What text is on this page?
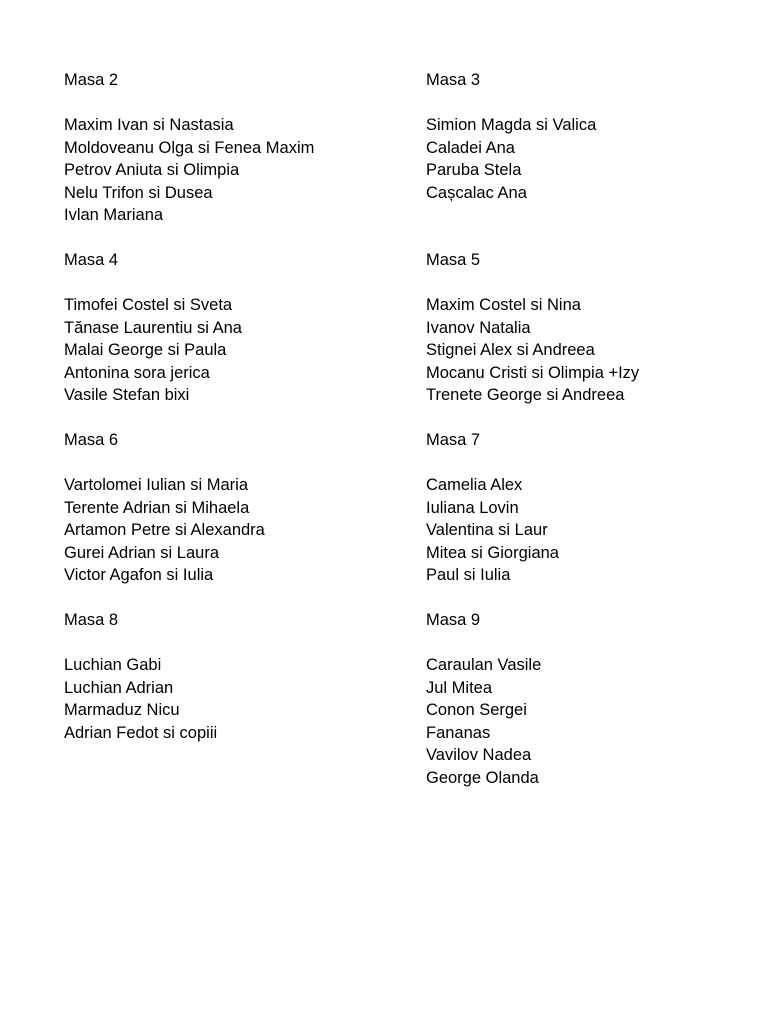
Masa 2
Maxim Ivan si Nastasia
Moldoveanu Olga si Fenea Maxim
Petrov Aniuta si Olimpia
Nelu Trifon si Dusea
Ivlan Mariana
Masa 4
Timofei Costel si Sveta
Tănase Laurentiu si Ana
Malai George si Paula
Antonina sora jerica
Vasile Stefan bixi
Masa 6
Vartolomei Iulian si Maria
Terente Adrian si Mihaela
Artamon Petre si Alexandra
Gurei Adrian si Laura
Victor Agafon si Iulia
Masa 8
Luchian Gabi
Luchian Adrian
Marmaduz Nicu
Adrian Fedot si copiii
Masa 3
Simion Magda si Valica
Caladei Ana
Paruba Stela
Cașcalac Ana
Masa 5
Maxim Costel si Nina
Ivanov Natalia
Stignei Alex si Andreea
Mocanu Cristi si Olimpia +Izy
Trenete George si Andreea
Masa 7
Camelia Alex
Iuliana Lovin
Valentina si Laur
Mitea si Giorgiana
Paul si Iulia
Masa 9
Caraulan Vasile
Jul Mitea
Conon Sergei
Fananas
Vavilov Nadea
George Olanda
